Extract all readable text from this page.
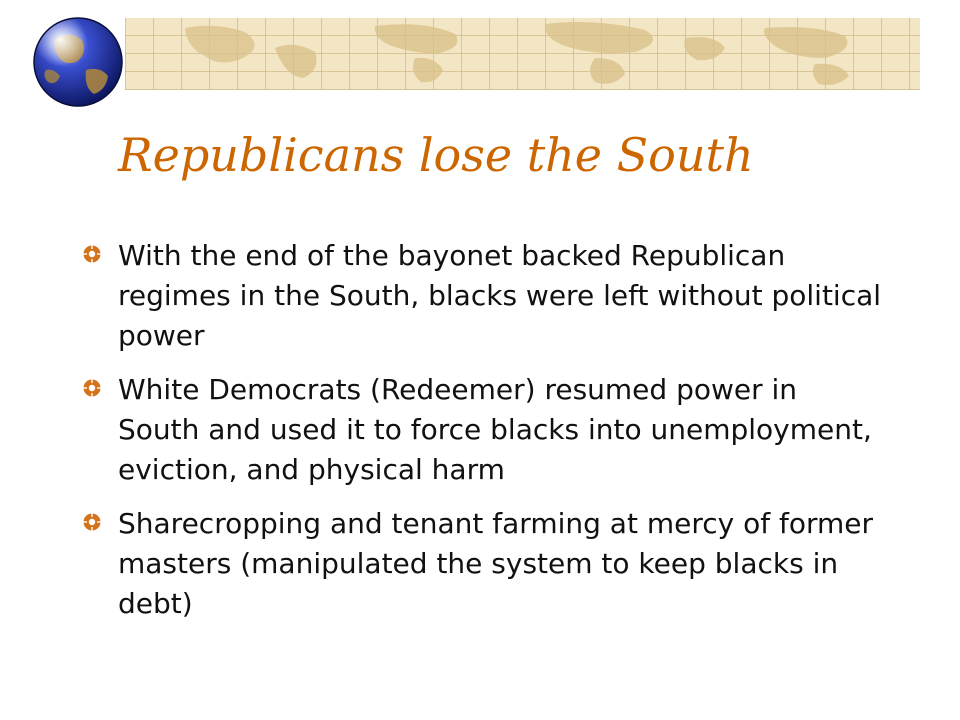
Republicans lose the South
With the end of the bayonet backed Republican regimes in the South, blacks were left without political power
White Democrats (Redeemer) resumed power in South and used it to force blacks into unemployment, eviction, and physical harm
Sharecropping and tenant farming at mercy of former masters (manipulated the system to keep blacks in debt)
